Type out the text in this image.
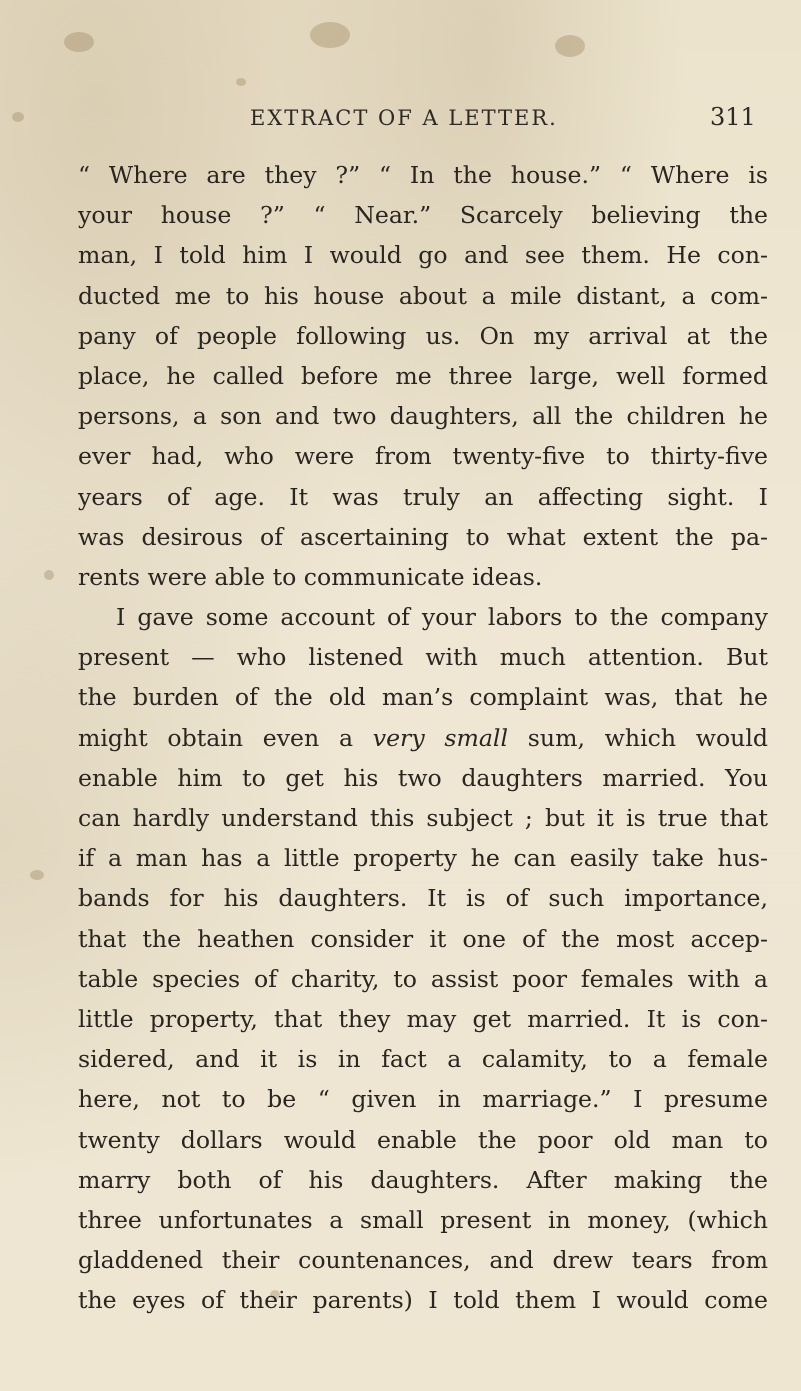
EXTRACT OF A LETTER.	311
“ Where are they ?” “ In the house.” “ Where is
your house ?” “ Near.” Scarcely believing the
man, I told him I would go and see them. He con-
ducted me to his house about a mile distant, a com-
pany of people following us. On my arrival at the
place, he called before me three large, well formed
persons, a son and two daughters, all the children he
ever had, who were from twenty-five to thirty-five
years of age. It was truly an affecting sight. I
was desirous of ascertaining to what extent the pa-
rents were able to communicate ideas.
I gave some account of your labors to the company
present — who listened with much attention. But
the burden of the old man’s complaint was, that he
might obtain even a very small sum, which would
enable him to get his two daughters married. You
can hardly understand this subject ; but it is true that
if a man has a little property he can easily take hus-
bands for his daughters. It is of such importance,
that the heathen consider it one of the most accep-
table species of charity, to assist poor females with a
little property, that they may get married. It is con-
sidered, and it is in fact a calamity, to a female
here, not to be “ given in marriage.” I presume
twenty dollars would enable the poor old man to
marry both of his daughters. After making the
three unfortunates a small present in money, (which
gladdened their countenances, and drew tears from
the eyes of their parents) I told them I would come
